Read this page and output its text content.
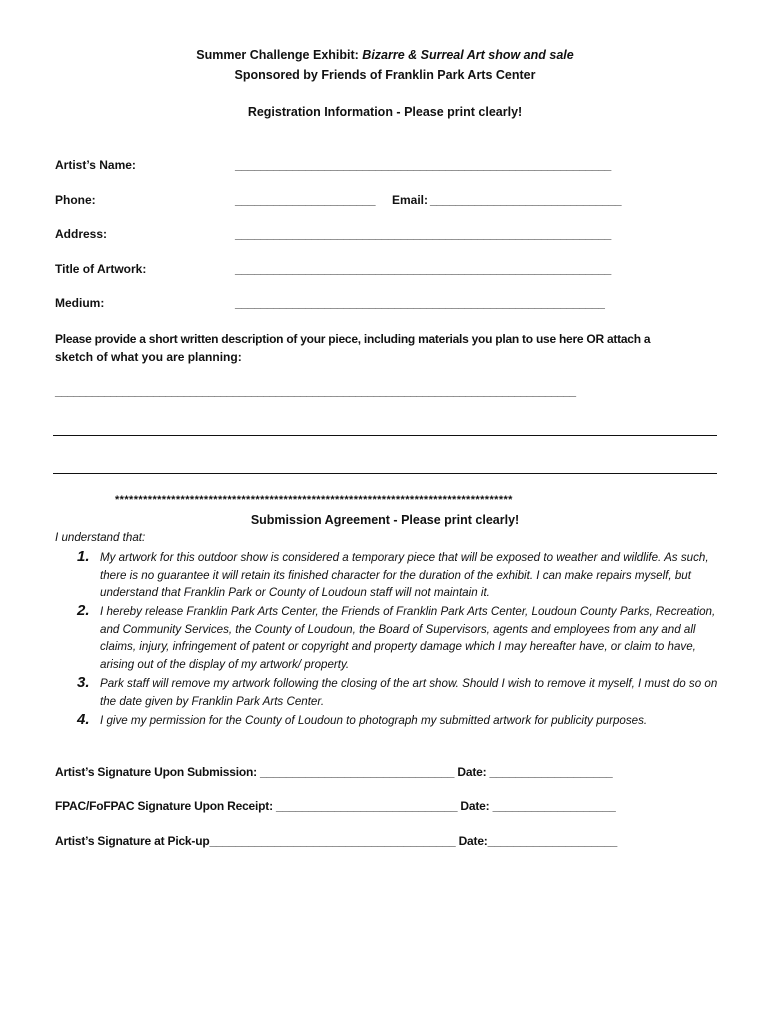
Summer Challenge Exhibit: Bizarre & Surreal Art show and sale
Sponsored by Friends of Franklin Park Arts Center
Registration Information - Please print clearly!
Artist’s Name:	___________________________________________________________
Phone:	______________________ Email: ______________________________
Address:	___________________________________________________________
Title of Artwork:	___________________________________________________________
Medium:	__________________________________________________________
Please provide a short written description of your piece, including materials you plan to use here OR attach a
sketch of what you are planning:
_____________________________________________________________________________________
*************************************************************************************
Submission Agreement - Please print clearly!
I understand that:
1. My artwork for this outdoor show is considered a temporary piece that will be exposed to weather and wildlife. As such, there is no guarantee it will retain its finished character for the duration of the exhibit. I can make repairs myself, but understand that Franklin Park or County of Loudoun staff will not maintain it.
2. I hereby release Franklin Park Arts Center, the Friends of Franklin Park Arts Center, Loudoun County Parks, Recreation, and Community Services, the County of Loudoun, the Board of Supervisors, agents and employees from any and all claims, injury, infringement of patent or copyright and property damage which I may hereafter have, or claim to have, arising out of the display of my artwork/ property.
3. Park staff will remove my artwork following the closing of the art show. Should I wish to remove it myself, I must do so on the date given by Franklin Park Arts Center.
4. I give my permission for the County of Loudoun to photograph my submitted artwork for publicity purposes.
Artist’s Signature Upon Submission: ______________________________ Date: ___________________
FPAC/FoFPAC Signature Upon Receipt: ____________________________ Date: ___________________
Artist’s Signature at Pick-up______________________________________ Date:____________________
